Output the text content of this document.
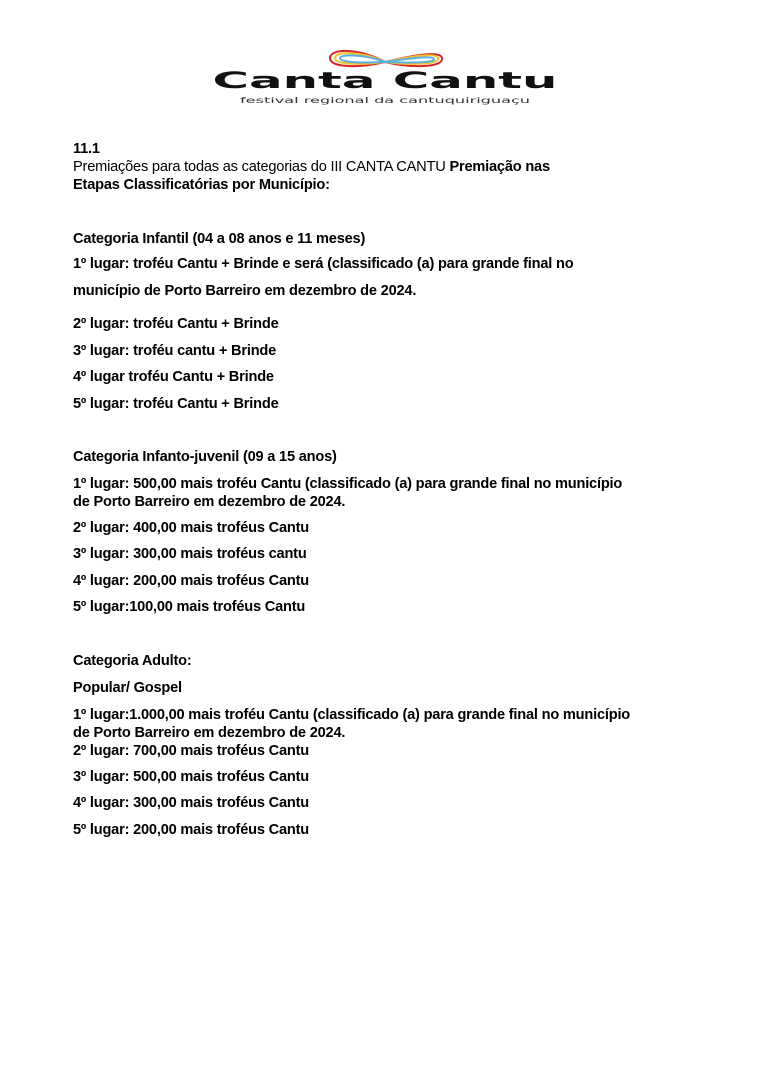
Canta Cantu
festival regional da cantuquiriguaçu
11.1
Premiações para todas as categorias do III CANTA CANTU Premiação nas
Etapas Classificatórias por Município:
Categoria Infantil (04 a 08 anos e 11 meses)
1º lugar: troféu Cantu + Brinde e será (classificado (a) para grande final no
município de Porto Barreiro em dezembro de 2024.
2º lugar: troféu Cantu + Brinde
3º lugar: troféu cantu + Brinde
4º lugar troféu Cantu + Brinde
5º lugar: troféu Cantu + Brinde
Categoria Infanto-juvenil (09 a 15 anos)
1º lugar: 500,00 mais troféu Cantu (classificado (a) para grande final no município
de Porto Barreiro em dezembro de 2024.
2º lugar: 400,00 mais troféus Cantu
3º lugar: 300,00 mais troféus cantu
4º lugar: 200,00 mais troféus Cantu
5º lugar:100,00 mais troféus Cantu
Categoria Adulto:
Popular/ Gospel
1º lugar:1.000,00 mais troféu Cantu (classificado (a) para grande final no município
de Porto Barreiro em dezembro de 2024.
2º lugar: 700,00 mais troféus Cantu
3º lugar: 500,00 mais troféus Cantu
4º lugar: 300,00 mais troféus Cantu
5º lugar: 200,00 mais troféus Cantu
